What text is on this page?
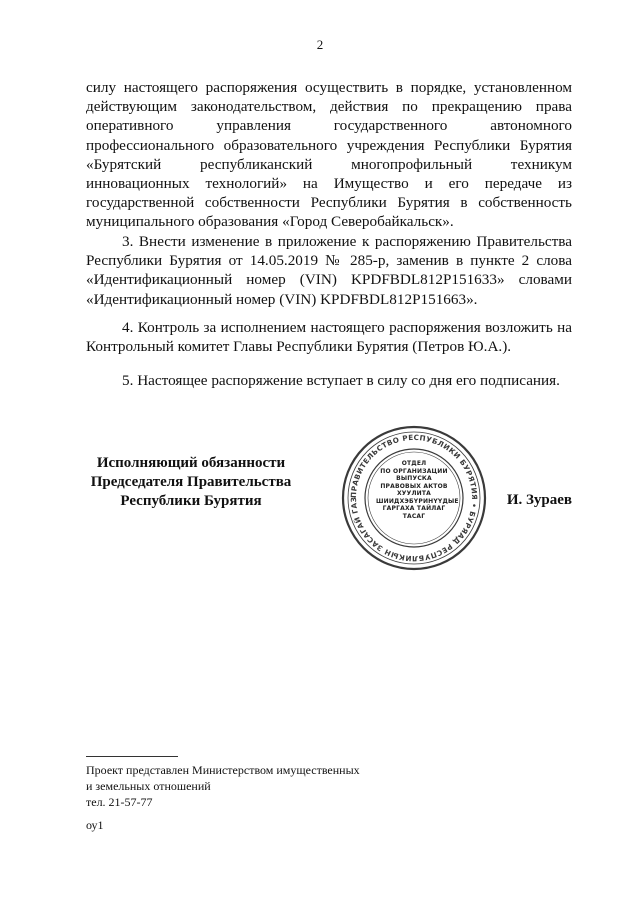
2

силу настоящего распоряжения осуществить в порядке, установленном действующим законодательством, действия по прекращению права оперативного управления государственного автономного профессионального образовательного учреждения Республики Бурятия «Бурятский республиканский многопрофильный техникум инновационных технологий» на Имущество и его передаче из государственной собственности Республики Бурятия в собственность муниципального образования «Город Северобайкальск».

3. Внести изменение в приложение к распоряжению Правительства Республики Бурятия от 14.05.2019 № 285-р, заменив в пункте 2 слова «Идентификационный номер (VIN) KPDFBDL812P151633» словами «Идентификационный номер (VIN) KPDFBDL812P151663».

4. Контроль за исполнением настоящего распоряжения возложить на Контрольный комитет Главы Республики Бурятия (Петров Ю.А.).

5. Настоящее распоряжение вступает в силу со дня его подписания.

Исполняющий обязанности
Председателя Правительства
Республики Бурятия	ПРАВИТЕЛЬСТВО РЕСПУБЛИКИ БУРЯТИЯ • БУРЯАД РЕСПУБЛИКЫН ЗАСАГАЙ ГАЗ
ОТДЕЛ
ПО ОРГАНИЗАЦИИ
ВЫПУСКА
ПРАВОВЫХ АКТОВ
ХУУЛИТА
ШИИДХЭБҮРИНҮҮДЫЕ
ГАРГАХА ТАЙЛАГ
ТАСАГ
И. Зураев
Проект представлен Министерством имущественных
и земельных отношений
тел. 21-57-77
оу1
